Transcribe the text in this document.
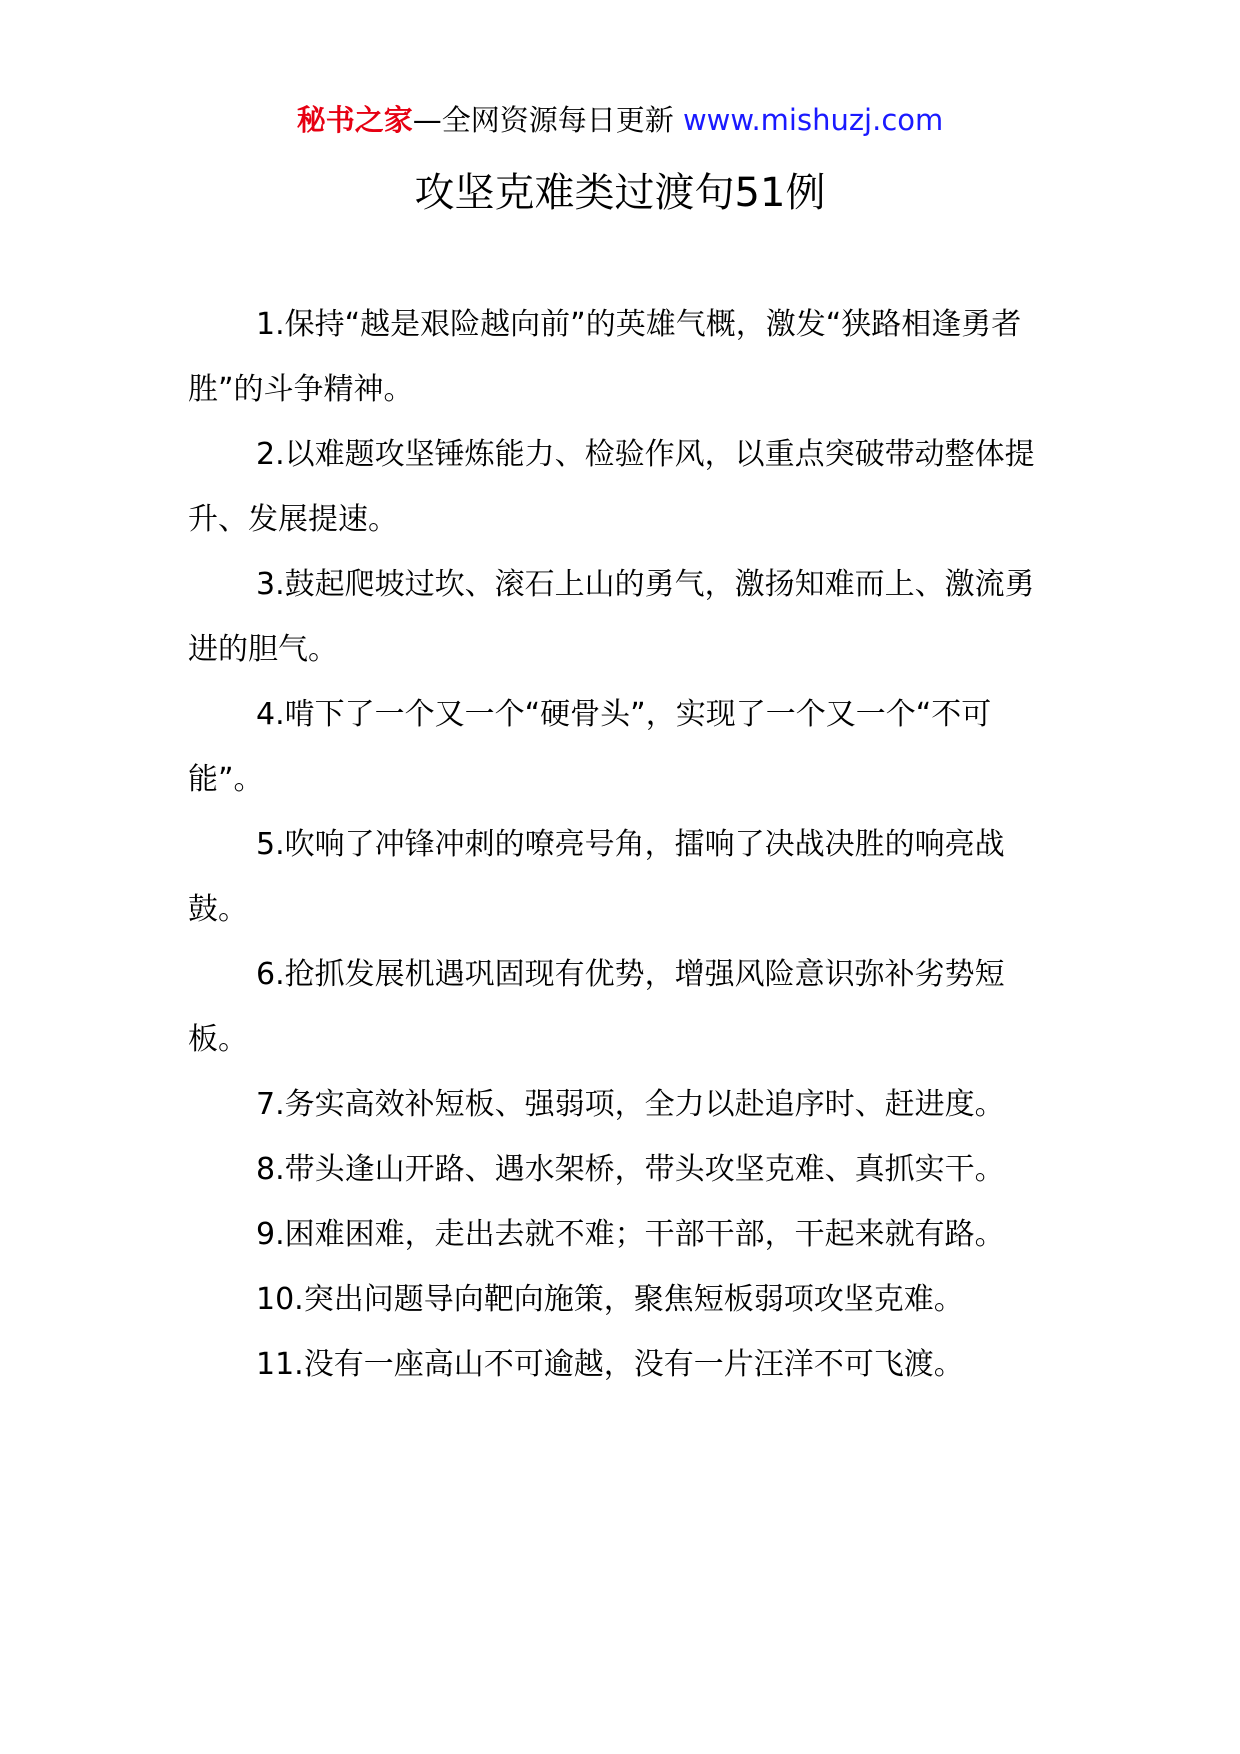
秘书之家—全网资源每日更新 www.mishuzj.com
攻坚克难类过渡句51例

1.保持“越是艰险越向前”的英雄气概，激发“狭路相逢勇者胜”的斗争精神。

2.以难题攻坚锤炼能力、检验作风，以重点突破带动整体提升、发展提速。

3.鼓起爬坡过坎、滚石上山的勇气，激扬知难而上、激流勇进的胆气。

4.啃下了一个又一个“硬骨头”，实现了一个又一个“不可能”。

5.吹响了冲锋冲刺的嘹亮号角，擂响了决战决胜的响亮战鼓。

6.抢抓发展机遇巩固现有优势，增强风险意识弥补劣势短板。

7.务实高效补短板、强弱项，全力以赴追序时、赶进度。

8.带头逢山开路、遇水架桥，带头攻坚克难、真抓实干。

9.困难困难，走出去就不难；干部干部，干起来就有路。

10.突出问题导向靶向施策，聚焦短板弱项攻坚克难。

11.没有一座高山不可逾越，没有一片汪洋不可飞渡。
